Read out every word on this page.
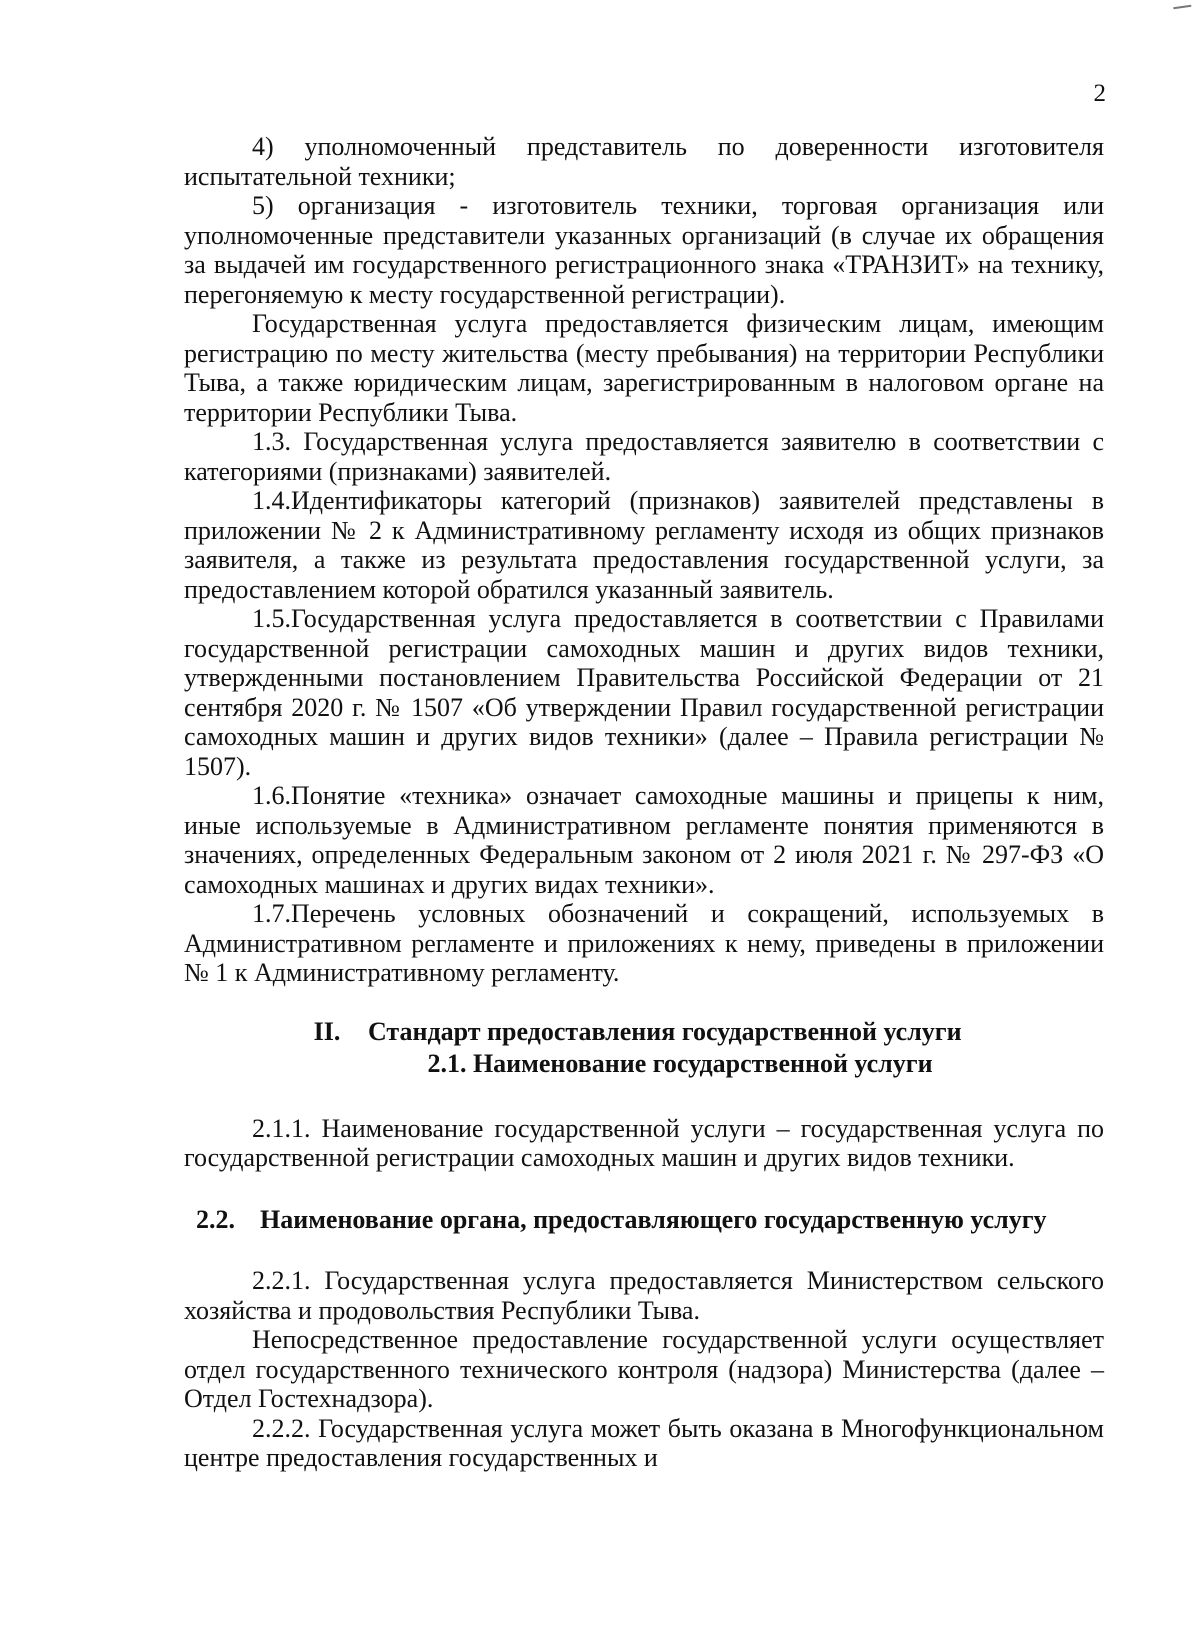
2

4) уполномоченный представитель по доверенности изготовителя испытательной техники;

5) организация - изготовитель техники, торговая организация или уполномоченные представители указанных организаций (в случае их обращения за выдачей им государственного регистрационного знака «ТРАНЗИТ» на технику, перегоняемую к месту государственной регистрации).

Государственная услуга предоставляется физическим лицам, имеющим регистрацию по месту жительства (месту пребывания) на территории Республики Тыва, а также юридическим лицам, зарегистрированным в налоговом органе на территории Республики Тыва.

1.3. Государственная услуга предоставляется заявителю в соответствии с категориями (признаками) заявителей.

1.4.Идентификаторы категорий (признаков) заявителей представлены в приложении № 2 к Административному регламенту исходя из общих признаков заявителя, а также из результата предоставления государственной услуги, за предоставлением которой обратился указанный заявитель.

1.5.Государственная услуга предоставляется в соответствии с Правилами государственной регистрации самоходных машин и других видов техники, утвержденными постановлением Правительства Российской Федерации от 21 сентября 2020 г. № 1507 «Об утверждении Правил государственной регистрации самоходных машин и других видов техники» (далее – Правила регистрации № 1507).

1.6.Понятие «техника» означает самоходные машины и прицепы к ним, иные используемые в Административном регламенте понятия применяются в значениях, определенных Федеральным законом от 2 июля 2021 г. № 297-ФЗ «О самоходных машинах и других видах техники».

1.7.Перечень условных обозначений и сокращений, используемых в Административном регламенте и приложениях к нему, приведены в приложении № 1 к Административному регламенту.

II.	Стандарт предоставления государственной услуги
2.1. Наименование государственной услуги

2.1.1. Наименование государственной услуги – государственная услуга по государственной регистрации самоходных машин и других видов техники.

2.2. Наименование органа, предоставляющего государственную услугу

2.2.1. Государственная услуга предоставляется Министерством сельского хозяйства и продовольствия Республики Тыва.

Непосредственное предоставление государственной услуги осуществляет отдел государственного технического контроля (надзора) Министерства (далее – Отдел Гостехнадзора).

2.2.2. Государственная услуга может быть оказана в Многофункциональном центре предоставления государственных и
